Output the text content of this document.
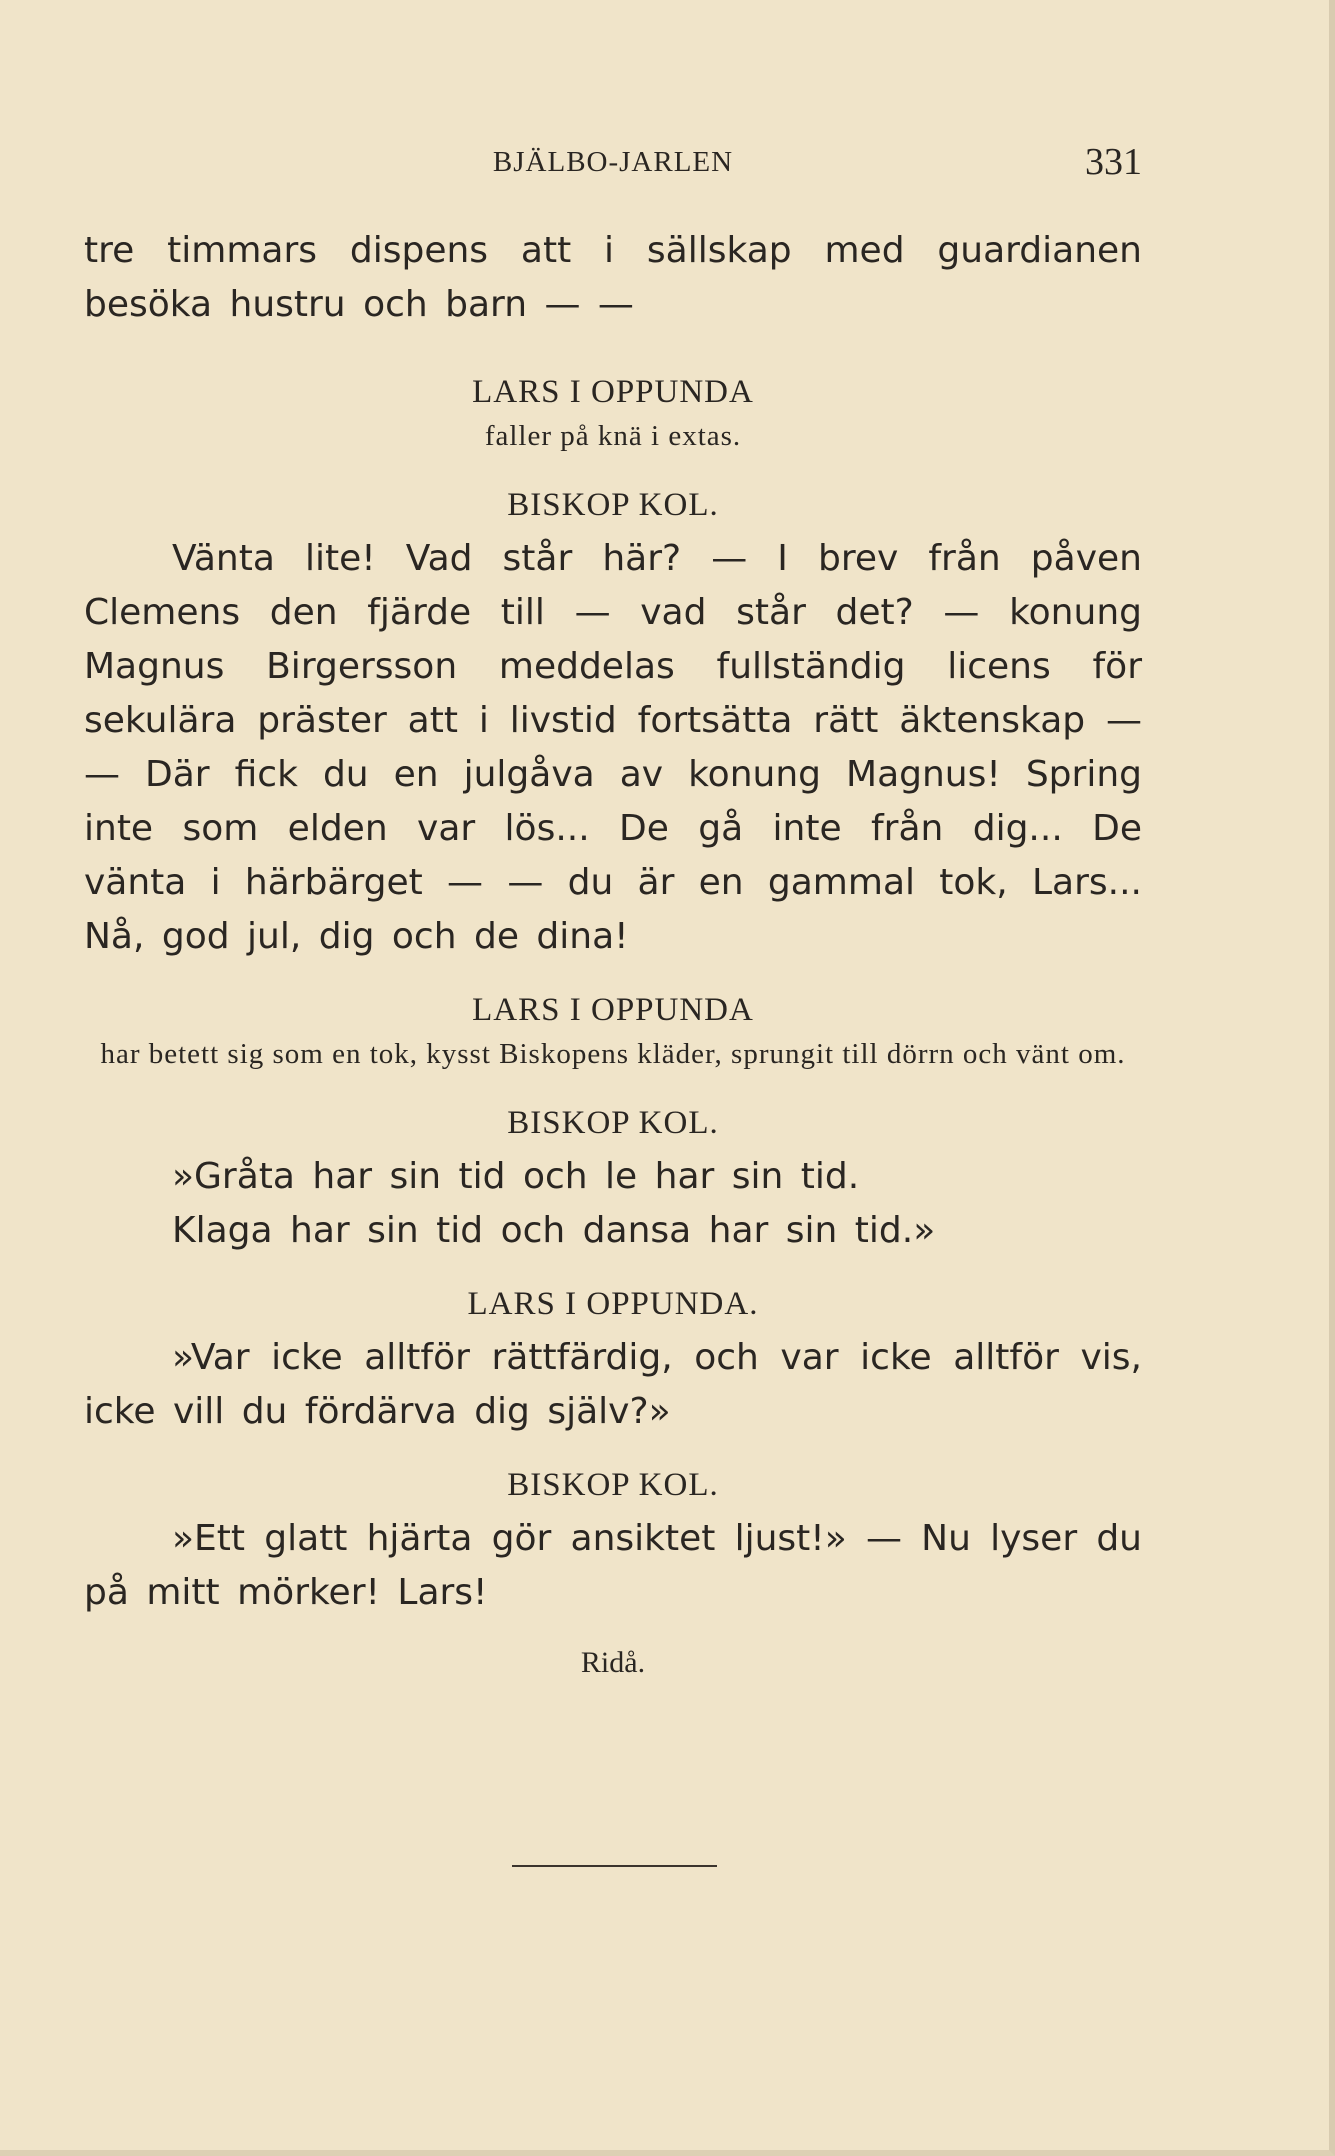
BJÄLBO-JARLEN	331

tre timmars dispens att i sällskap med guardianen besöka hustru och barn — —

LARS I OPPUNDA

faller på knä i extas.

BISKOP KOL.

Vänta lite! Vad står här? — I brev från påven Clemens den fjärde till — vad står det? — konung Magnus Birgersson meddelas fullständig licens för sekulära präster att i livstid fortsätta rätt äktenskap — — Där fick du en julgåva av konung Magnus! Spring inte som elden var lös... De gå inte från dig... De vänta i härbärget — — du är en gammal tok, Lars... Nå, god jul, dig och de dina!

LARS I OPPUNDA

har betett sig som en tok, kysst Biskopens kläder, sprungit till dörrn och vänt om.

BISKOP KOL.

»Gråta har sin tid och le har sin tid.

Klaga har sin tid och dansa har sin tid.»

LARS I OPPUNDA.

»Var icke alltför rättfärdig, och var icke alltför vis, icke vill du fördärva dig själv?»

BISKOP KOL.

»Ett glatt hjärta gör ansiktet ljust!» — Nu lyser du på mitt mörker! Lars!

Ridå.
